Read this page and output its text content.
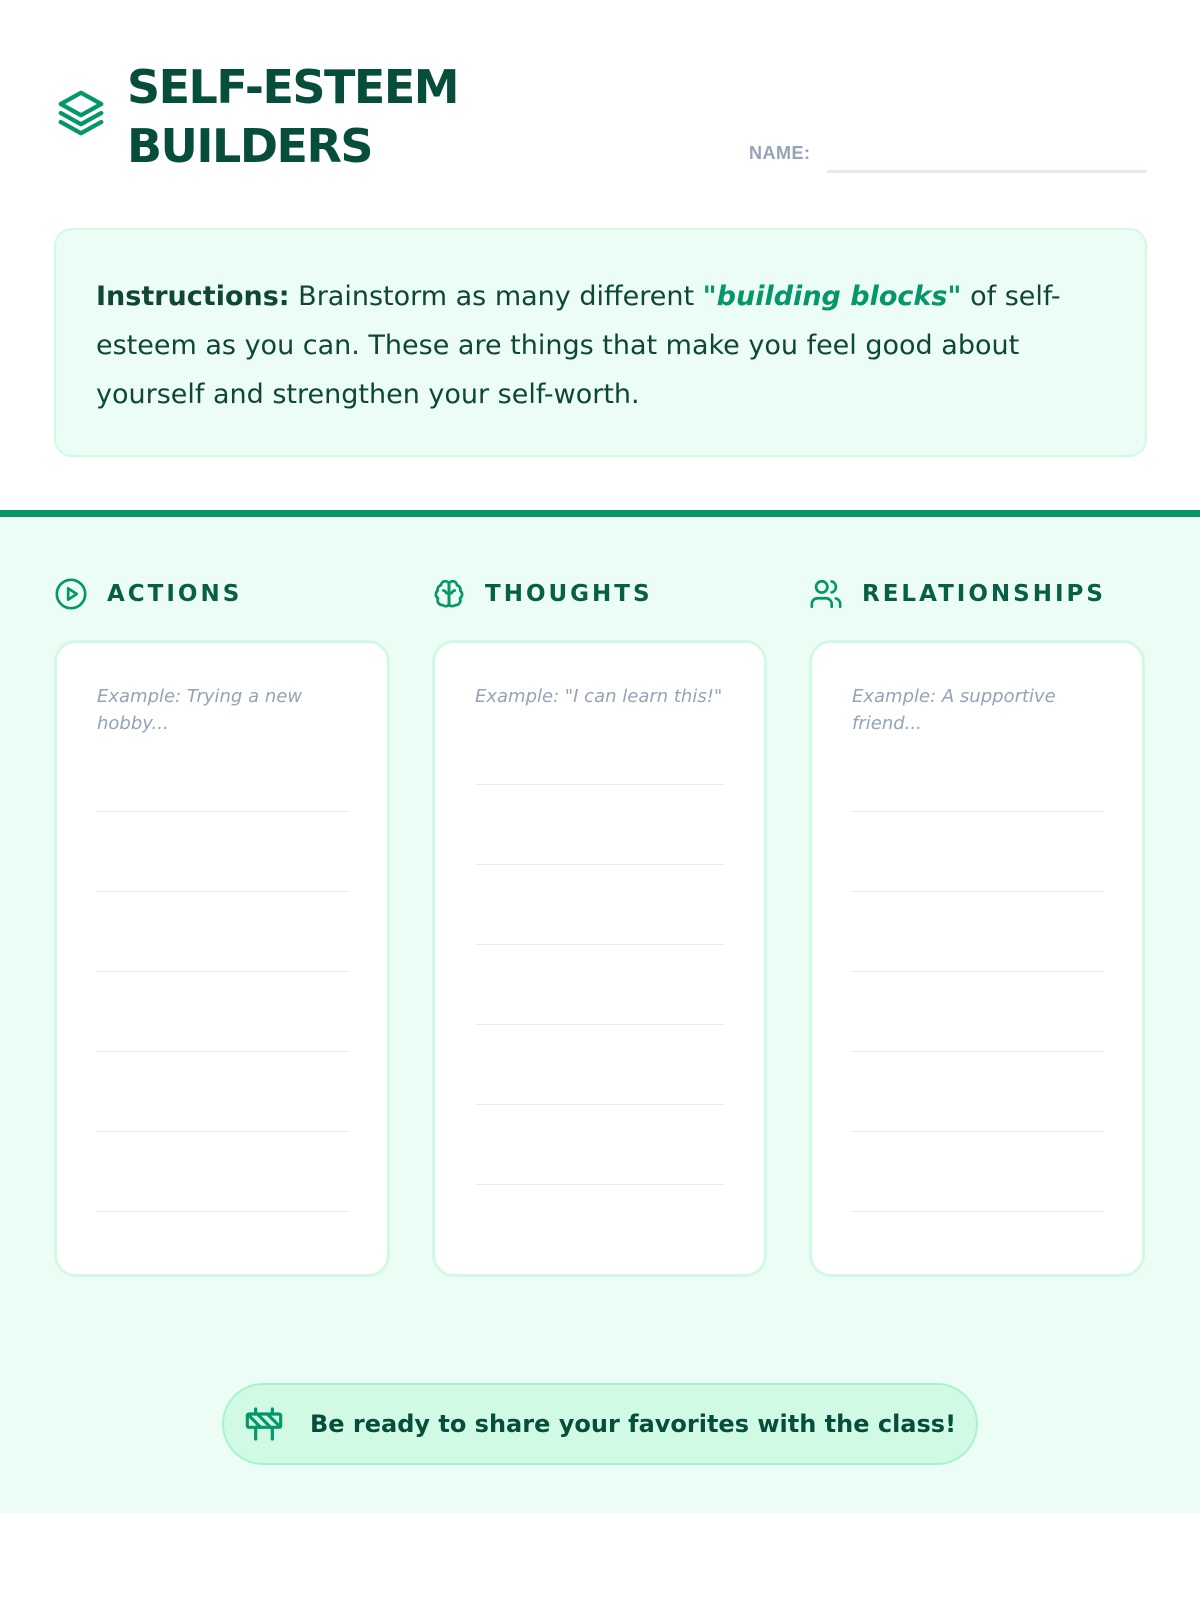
SELF-ESTEEM
BUILDERS	NAME:
Instructions: Brainstorm as many different "building blocks" of self-esteem as you can. These are things that make you feel good about yourself and strengthen your self-worth.
ACTIONS	THOUGHTS	RELATIONSHIPS
Example: Trying a new hobby...
Example: "I can learn this!"	Example: A supportive friend...
Be ready to share your favorites with the class!
